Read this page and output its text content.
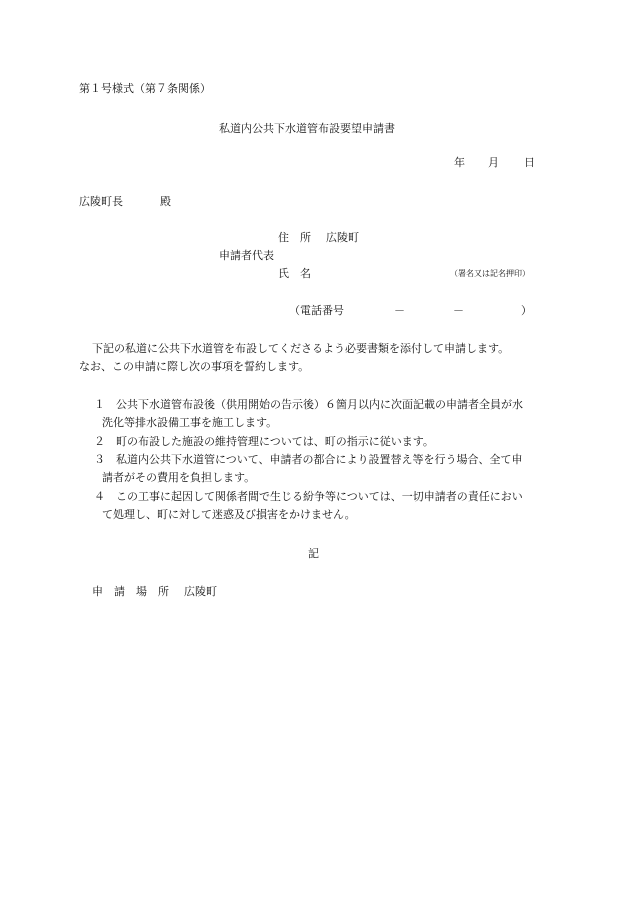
第１号様式（第７条関係）
私道内公共下水道管布設要望申請書
年 月 日
広陵町長	殿
住　所 広陵町
申請者代表
氏　名	（署名又は記名押印）
（電話番号	－	－	）
下記の私道に公共下水道管を布設してくださるよう必要書類を添付して申請します。
なお、この申請に際し次の事項を誓約します。
１ 公共下水道管布設後（供用開始の告示後）６箇月以内に次面記載の申請者全員が水
洗化等排水設備工事を施工します。
２ 町の布設した施設の維持管理については、町の指示に従います。
３ 私道内公共下水道管について、申請者の都合により設置替え等を行う場合、全て申
請者がその費用を負担します。
４ この工事に起因して関係者間で生じる紛争等については、一切申請者の責任におい
て処理し、町に対して迷惑及び損害をかけません。
記
申　請　場　所 広陵町
